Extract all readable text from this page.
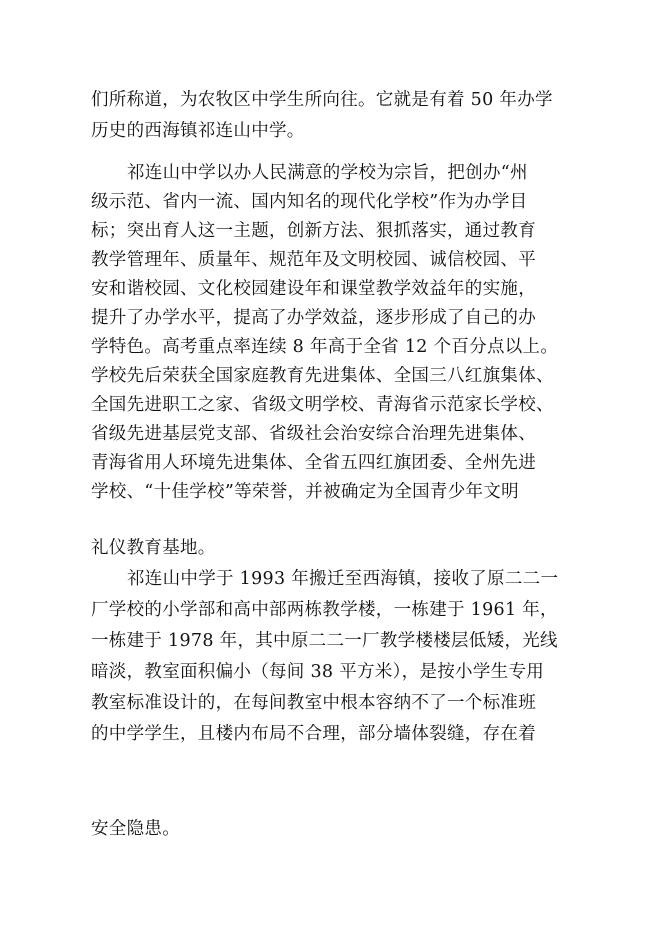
们所称道，为农牧区中学生所向往。它就是有着 50 年办学
历史的西海镇祁连山中学。
祁连山中学以办人民满意的学校为宗旨，把创办“州
级示范、省内一流、国内知名的现代化学校”作为办学目
标；突出育人这一主题，创新方法、狠抓落实，通过教育
教学管理年、质量年、规范年及文明校园、诚信校园、平
安和谐校园、文化校园建设年和课堂教学效益年的实施，
提升了办学水平，提高了办学效益，逐步形成了自己的办
学特色。高考重点率连续 8 年高于全省 12 个百分点以上。
学校先后荣获全国家庭教育先进集体、全国三八红旗集体、
全国先进职工之家、省级文明学校、青海省示范家长学校、
省级先进基层党支部、省级社会治安综合治理先进集体、
青海省用人环境先进集体、全省五四红旗团委、全州先进
学校、“十佳学校”等荣誉，并被确定为全国青少年文明
礼仪教育基地。
祁连山中学于 1993 年搬迁至西海镇，接收了原二二一
厂学校的小学部和高中部两栋教学楼，一栋建于 1961 年，
一栋建于 1978 年，其中原二二一厂教学楼楼层低矮，光线
暗淡，教室面积偏小（每间 38 平方米），是按小学生专用
教室标准设计的，在每间教室中根本容纳不了一个标准班
的中学学生，且楼内布局不合理，部分墙体裂缝，存在着
安全隐患。
